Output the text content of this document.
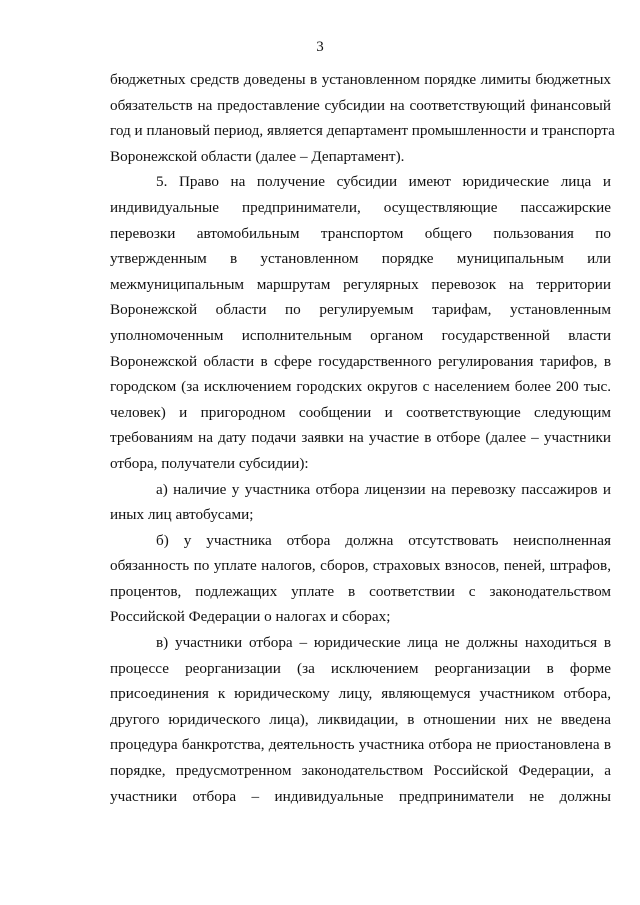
3
бюджетных средств доведены в установленном порядке лимиты бюджетных
обязательств на предоставление субсидии на соответствующий финансовый
год и плановый период, является департамент промышленности и транспорта
Воронежской области (далее – Департамент).
5. Право на получение субсидии имеют юридические лица и
индивидуальные предприниматели, осуществляющие пассажирские
перевозки автомобильным транспортом общего пользования по
утвержденным в установленном порядке муниципальным или
межмуниципальным маршрутам регулярных перевозок на территории
Воронежской области по регулируемым тарифам, установленным
уполномоченным исполнительным органом государственной власти
Воронежской области в сфере государственного регулирования тарифов, в
городском (за исключением городских округов с населением более 200 тыс.
человек) и пригородном сообщении и соответствующие следующим
требованиям на дату подачи заявки на участие в отборе (далее – участники
отбора, получатели субсидии):
а) наличие у участника отбора лицензии на перевозку пассажиров и
иных лиц автобусами;
б) у участника отбора должна отсутствовать неисполненная
обязанность по уплате налогов, сборов, страховых взносов, пеней, штрафов,
процентов, подлежащих уплате в соответствии с законодательством
Российской Федерации о налогах и сборах;
в) участники отбора – юридические лица не должны находиться в
процессе реорганизации (за исключением реорганизации в форме
присоединения к юридическому лицу, являющемуся участником отбора,
другого юридического лица), ликвидации, в отношении них не введена
процедура банкротства, деятельность участника отбора не приостановлена в
порядке, предусмотренном законодательством Российской Федерации, а
участники отбора – индивидуальные предприниматели не должны
